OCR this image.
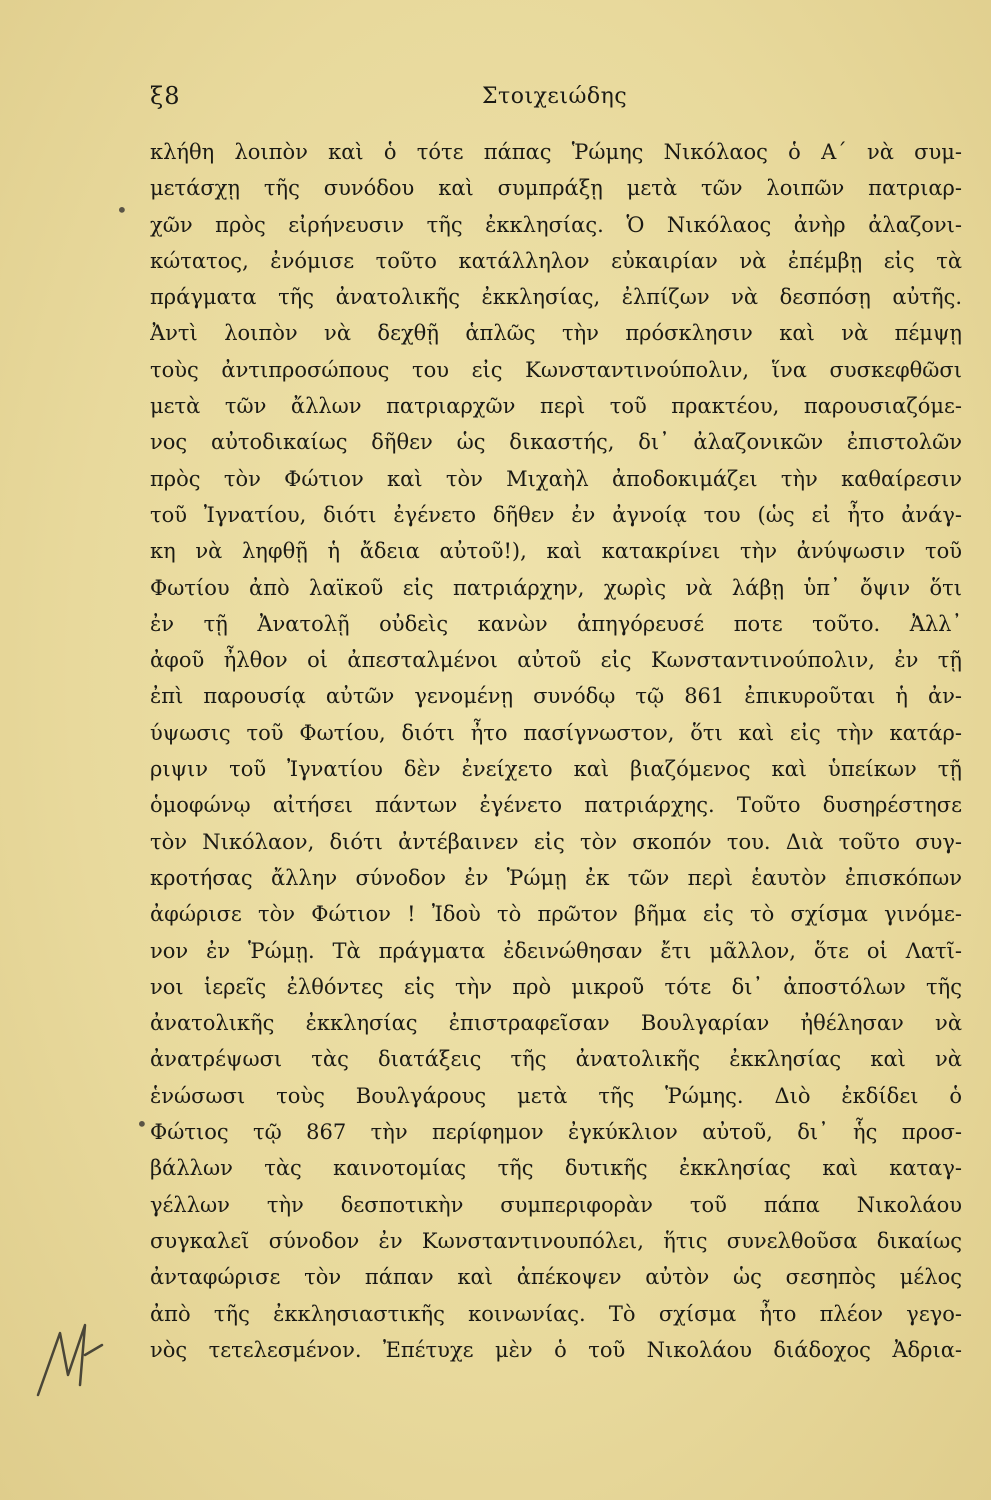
ξ8	Στοιχειώδης
•
•
κλήθη λοιπὸν καὶ ὁ τότε πάπας Ῥώμης Νικόλαος ὁ Α΄ νὰ συμ-
μετάσχῃ τῆς συνόδου καὶ συμπράξῃ μετὰ τῶν λοιπῶν πατριαρ-
χῶν πρὸς εἰρήνευσιν τῆς ἐκκλησίας. Ὁ Νικόλαος ἀνὴρ ἀλαζονι-
κώτατος, ἐνόμισε τοῦτο κατάλληλον εὐκαιρίαν νὰ ἐπέμβῃ εἰς τὰ
πράγματα τῆς ἀνατολικῆς ἐκκλησίας, ἐλπίζων νὰ δεσπόσῃ αὐτῆς.
Ἀντὶ λοιπὸν νὰ δεχθῇ ἁπλῶς τὴν πρόσκλησιν καὶ νὰ πέμψῃ
τοὺς ἀντιπροσώπους του εἰς Κωνσταντινούπολιν, ἵνα συσκεφθῶσι
μετὰ τῶν ἄλλων πατριαρχῶν περὶ τοῦ πρακτέου, παρουσιαζόμε-
νος αὐτοδικαίως δῆθεν ὡς δικαστής, δι᾽ ἀλαζονικῶν ἐπιστολῶν
πρὸς τὸν Φώτιον καὶ τὸν Μιχαὴλ ἀποδοκιμάζει τὴν καθαίρεσιν
τοῦ Ἰγνατίου, διότι ἐγένετο δῆθεν ἐν ἀγνοίᾳ του (ὡς εἰ ἦτο ἀνάγ-
κη νὰ ληφθῇ ἡ ἄδεια αὐτοῦ!), καὶ κατακρίνει τὴν ἀνύψωσιν τοῦ
Φωτίου ἀπὸ λαϊκοῦ εἰς πατριάρχην, χωρὶς νὰ λάβῃ ὑπ᾽ ὄψιν ὅτι
ἐν τῇ Ἀνατολῇ οὐδεὶς κανὼν ἀπηγόρευσέ ποτε τοῦτο. Ἀλλ᾽
ἀφοῦ ἦλθον οἱ ἀπεσταλμένοι αὐτοῦ εἰς Κωνσταντινούπολιν, ἐν τῇ
ἐπὶ παρουσίᾳ αὐτῶν γενομένῃ συνόδῳ τῷ 861 ἐπικυροῦται ἡ ἀν-
ύψωσις τοῦ Φωτίου, διότι ἦτο πασίγνωστον, ὅτι καὶ εἰς τὴν κατάρ-
ριψιν τοῦ Ἰγνατίου δὲν ἐνείχετο καὶ βιαζόμενος καὶ ὑπείκων τῇ
ὁμοφώνῳ αἰτήσει πάντων ἐγένετο πατριάρχης. Τοῦτο δυσηρέστησε
τὸν Νικόλαον, διότι ἀντέβαινεν εἰς τὸν σκοπόν του. Διὰ τοῦτο συγ-
κροτήσας ἄλλην σύνοδον ἐν Ῥώμῃ ἐκ τῶν περὶ ἑαυτὸν ἐπισκόπων
ἀφώρισε τὸν Φώτιον ! Ἰδοὺ τὸ πρῶτον βῆμα εἰς τὸ σχίσμα γινόμε-
νον ἐν Ῥώμῃ. Τὰ πράγματα ἐδεινώθησαν ἔτι μᾶλλον, ὅτε οἱ Λατῖ-
νοι ἱερεῖς ἐλθόντες εἰς τὴν πρὸ μικροῦ τότε δι᾽ ἀποστόλων τῆς
ἀνατολικῆς ἐκκλησίας ἐπιστραφεῖσαν Βουλγαρίαν ἠθέλησαν νὰ
ἀνατρέψωσι τὰς διατάξεις τῆς ἀνατολικῆς ἐκκλησίας καὶ νὰ
ἑνώσωσι τοὺς Βουλγάρους μετὰ τῆς Ῥώμης. Διὸ ἐκδίδει ὁ
Φώτιος τῷ 867 τὴν περίφημον ἐγκύκλιον αὐτοῦ, δι᾽ ἧς προσ-
βάλλων τὰς καινοτομίας τῆς δυτικῆς ἐκκλησίας καὶ καταγ-
γέλλων τὴν δεσποτικὴν συμπεριφορὰν τοῦ πάπα Νικολάου
συγκαλεῖ σύνοδον ἐν Κωνσταντινουπόλει, ἥτις συνελθοῦσα δικαίως
ἀνταφώρισε τὸν πάπαν καὶ ἀπέκοψεν αὐτὸν ὡς σεσηπὸς μέλος
ἀπὸ τῆς ἐκκλησιαστικῆς κοινωνίας. Τὸ σχίσμα ἦτο πλέον γεγο-
νὸς τετελεσμένον. Ἐπέτυχε μὲν ὁ τοῦ Νικολάου διάδοχος Ἀδρια-
